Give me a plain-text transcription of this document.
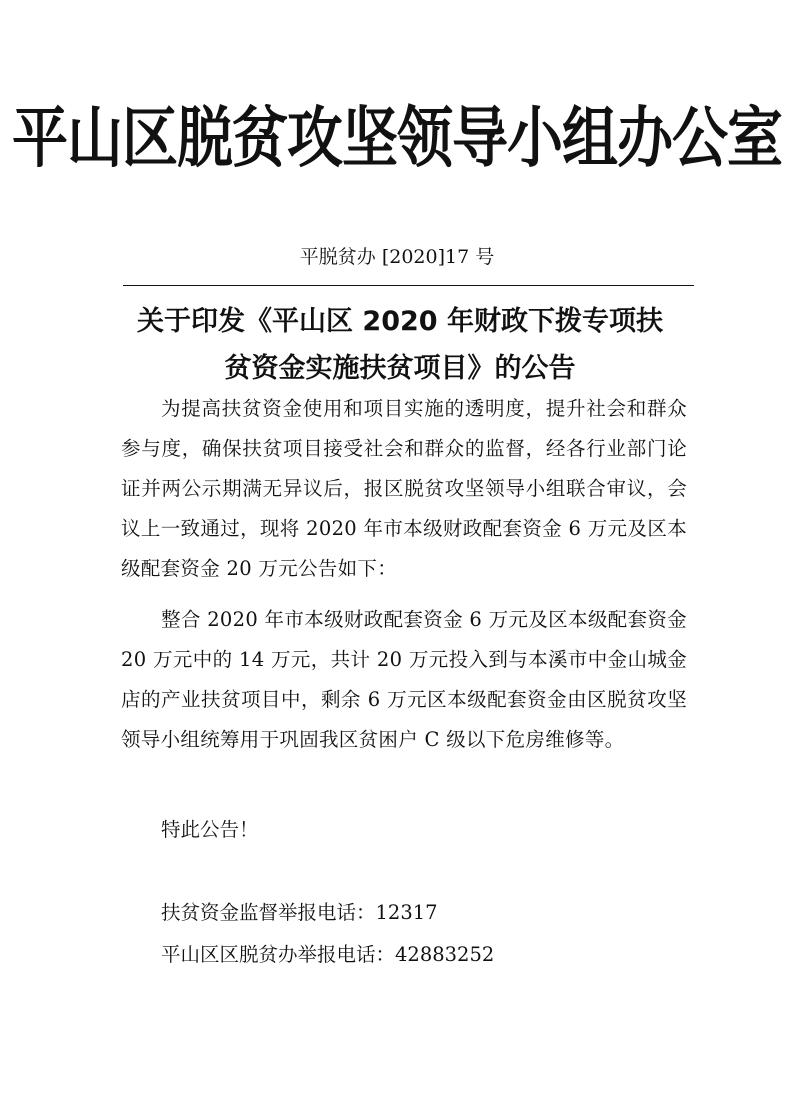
平山区脱贫攻坚领导小组办公室
平脱贫办 [2020]17 号
关于印发《平山区 2020 年财政下拨专项扶
贫资金实施扶贫项目》的公告

为提高扶贫资金使用和项目实施的透明度，提升社会和群众参与度，确保扶贫项目接受社会和群众的监督，经各行业部门论证并两公示期满无异议后，报区脱贫攻坚领导小组联合审议，会议上一致通过，现将 2020 年市本级财政配套资金 6 万元及区本级配套资金 20 万元公告如下：

整合 2020 年市本级财政配套资金 6 万元及区本级配套资金 20 万元中的 14 万元，共计 20 万元投入到与本溪市中金山城金店的产业扶贫项目中，剩余 6 万元区本级配套资金由区脱贫攻坚领导小组统筹用于巩固我区贫困户 C 级以下危房维修等。

特此公告！
扶贫资金监督举报电话：12317
平山区区脱贫办举报电话：42883252
